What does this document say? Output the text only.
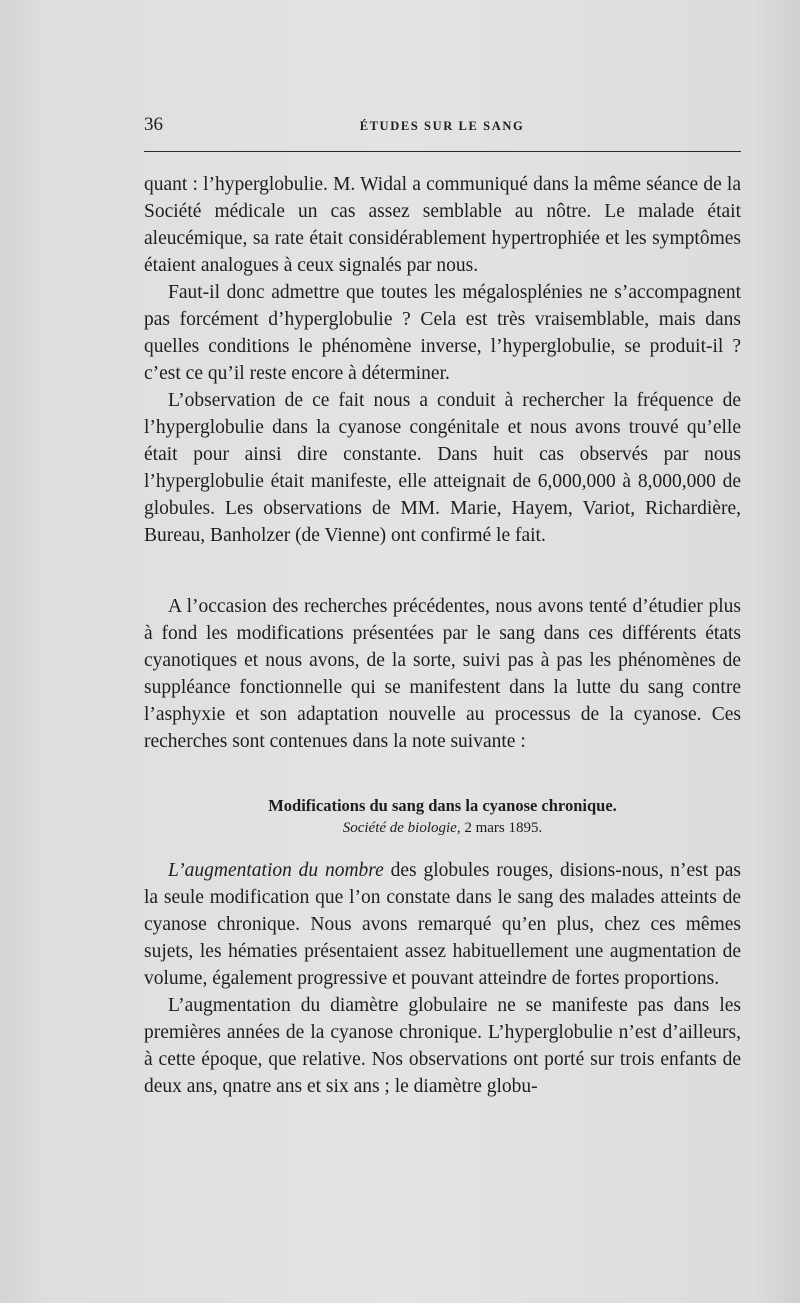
36	ÉTUDES SUR LE SANG

quant : l’hyperglobulie. M. Widal a communiqué dans la même séance de la Société médicale un cas assez semblable au nôtre. Le malade était aleucémique, sa rate était considérablement hypertrophiée et les symptômes étaient analogues à ceux signalés par nous.

Faut-il donc admettre que toutes les mégalosplénies ne s’accompagnent pas forcément d’hyperglobulie ? Cela est très vraisemblable, mais dans quelles conditions le phénomène inverse, l’hyperglobulie, se produit-il ? c’est ce qu’il reste encore à déterminer.

L’observation de ce fait nous a conduit à rechercher la fréquence de l’hyperglobulie dans la cyanose congénitale et nous avons trouvé qu’elle était pour ainsi dire constante. Dans huit cas observés par nous l’hyperglobulie était manifeste, elle atteignait de 6,000,000 à 8,000,000 de globules. Les observations de MM. Marie, Hayem, Variot, Richardière, Bureau, Banholzer (de Vienne) ont confirmé le fait.

A l’occasion des recherches précédentes, nous avons tenté d’étudier plus à fond les modifications présentées par le sang dans ces différents états cyanotiques et nous avons, de la sorte, suivi pas à pas les phénomènes de suppléance fonctionnelle qui se manifestent dans la lutte du sang contre l’asphyxie et son adaptation nouvelle au processus de la cyanose. Ces recherches sont contenues dans la note suivante :

Modifications du sang dans la cyanose chronique.
Société de biologie, 2 mars 1895.

L’augmentation du nombre des globules rouges, disions-nous, n’est pas la seule modification que l’on constate dans le sang des malades atteints de cyanose chronique. Nous avons remarqué qu’en plus, chez ces mêmes sujets, les hématies présentaient assez habituellement une augmentation de volume, également progressive et pouvant atteindre de fortes proportions.

L’augmentation du diamètre globulaire ne se manifeste pas dans les premières années de la cyanose chronique. L’hyperglobulie n’est d’ailleurs, à cette époque, que relative. Nos observations ont porté sur trois enfants de deux ans, qnatre ans et six ans ; le diamètre globu-
